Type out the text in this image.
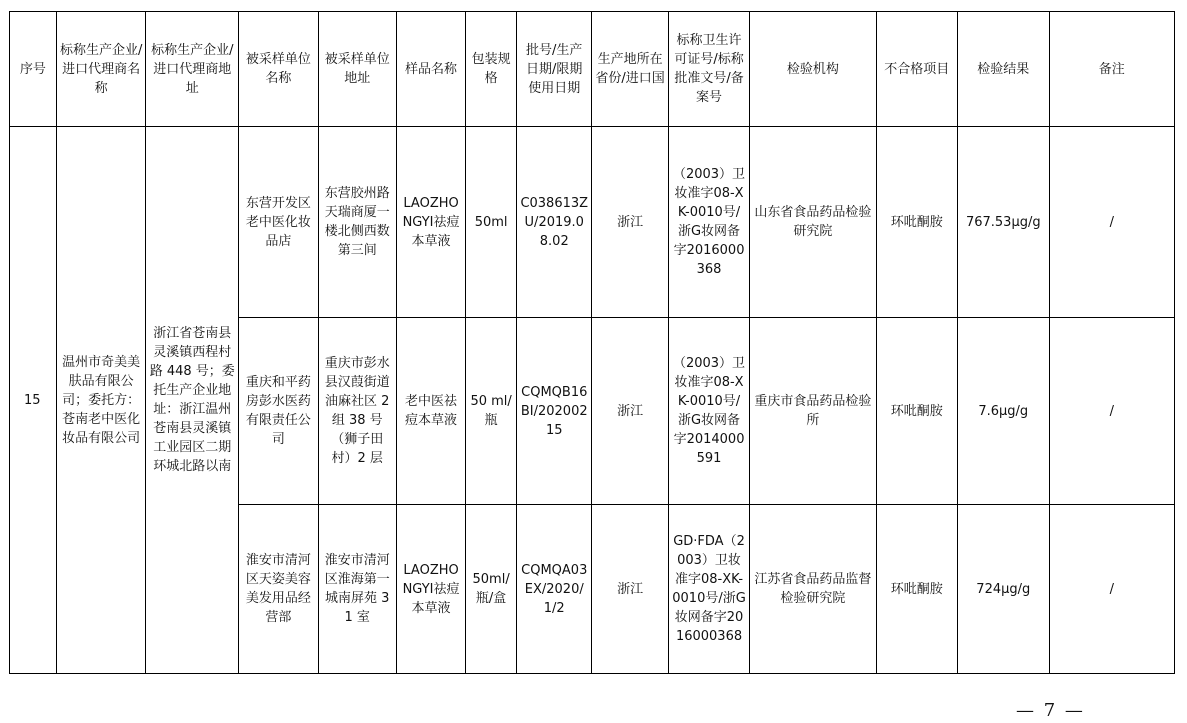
序号	标称生产企业/进口代理商名称	标称生产企业/进口代理商地址	被采样单位名称	被采样单位地址	样品名称	包装规格	批号/生产日期/限期使用日期	生产地所在省份/进口国	标称卫生许可证号/标称批准文号/备案号	检验机构	不合格项目	检验结果	备注
15	温州市奇美美肤品有限公司；委托方：苍南老中医化妆品有限公司	浙江省苍南县灵溪镇西程村路 448 号；委托生产企业地址：浙江温州苍南县灵溪镇工业园区二期环城北路以南	东营开发区老中医化妆品店	东营胶州路天瑞商厦一楼北侧西数第三间	LAOZHONGYI祛痘本草液	50ml	C038613ZU/2019.08.02	浙江	（2003）卫妆准字08-XK-0010号/浙G妆网备字2016000368	山东省食品药品检验研究院	环吡酮胺	767.53μg/g	/
			重庆和平药房彭水医药有限责任公司	重庆市彭水县汉葭街道油麻社区 2 组 38 号（狮子田村）2 层	老中医祛痘本草液	50 ml/瓶	CQMQB16BI/20200215	浙江	（2003）卫妆准字08-XK-0010号/浙G妆网备字2014000591	重庆市食品药品检验所	环吡酮胺	7.6μg/g	/
			淮安市清河区天姿美容美发用品经营部	淮安市清河区淮海第一城南屏苑 31 室	LAOZHONGYI祛痘本草液	50ml/瓶/盒	CQMQA03EX/2020/1/2	浙江	GD·FDA（2003）卫妆准字08-XK-0010号/浙G妆网备字2016000368	江苏省食品药品监督检验研究院	环吡酮胺	724μg/g	/
— 7 —
